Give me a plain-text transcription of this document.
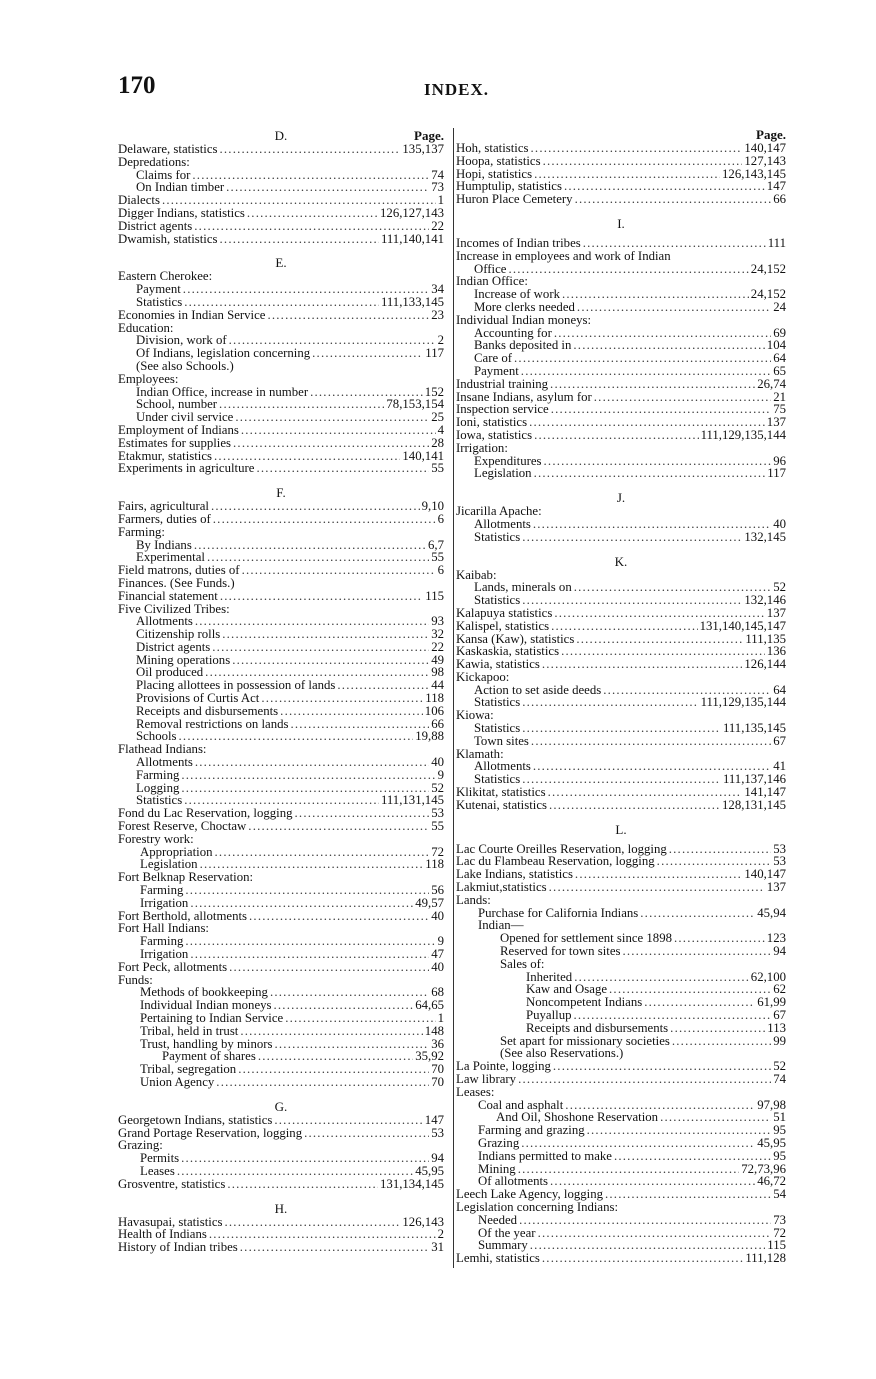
170	INDEX.
D.	Page.
Delaware, statistics . . .	135,137
Depredations:
Claims for . . .	74
On Indian timber . . .	73
Dialects . . .	1
Digger Indians, statistics . . .	126,127,143
District agents . . .	22
Dwamish, statistics . . .	111,140,141
E.
Eastern Cherokee:
Payment . . .	34
Statistics . . .	111,133,145
Economies in Indian Service . . .	23
Education:
Division, work of . . .	2
Of Indians, legislation concerning . . .	117
(See also Schools.)
Employees:
Indian Office, increase in number . . .	152
School, number . . .	78,153,154
Under civil service . . .	25
Employment of Indians . . .	4
Estimates for supplies . . .	28
Etakmur, statistics . . .	140,141
Experiments in agriculture . . .	55
F.
Fairs, agricultural . . .	9,10
Farmers, duties of . . .	6
Farming:
By Indians . . .	6,7
Experimental . . .	55
Field matrons, duties of . . .	6
Finances. (See Funds.)
Financial statement . . .	115
Five Civilized Tribes:
Allotments . . .	93
Citizenship rolls . . .	32
District agents . . .	22
Mining operations . . .	49
Oil produced . . .	98
Placing allottees in possession of lands . . .	44
Provisions of Curtis Act . . .	118
Receipts and disbursements . . .	106
Removal restrictions on lands . . .	66
Schools . . .	19,88
Flathead Indians:
Allotments . . .	40
Farming . . .	9
Logging . . .	52
Statistics . . .	111,131,145
Fond du Lac Reservation, logging . . .	53
Forest Reserve, Choctaw . . .	55
Forestry work:
Appropriation . . .	72
Legislation . . .	118
Fort Belknap Reservation:
Farming . . .	56
Irrigation . . .	49,57
Fort Berthold, allotments . . .	40
Fort Hall Indians:
Farming . . .	9
Irrigation . . .	47
Fort Peck, allotments . . .	40
Funds:
Methods of bookkeeping . . .	68
Individual Indian moneys . . .	64,65
Pertaining to Indian Service . . .	1
Tribal, held in trust . . .	148
Trust, handling by minors . . .	36
Payment of shares . . .	35,92
Tribal, segregation . . .	70
Union Agency . . .	70
G.
Georgetown Indians, statistics . . .	147
Grand Portage Reservation, logging . . .	53
Grazing:
Permits . . .	94
Leases . . .	45,95
Grosventre, statistics . . .	131,134,145
H.
Havasupai, statistics . . .	126,143
Health of Indians . . .	2
History of Indian tribes . . .	31
Page.
Hoh, statistics . . .	140,147
Hoopa, statistics . . .	127,143
Hopi, statistics . . .	126,143,145
Humptulip, statistics . . .	147
Huron Place Cemetery . . .	66
I.
Incomes of Indian tribes . . .	111
Increase in employees and work of Indian
Office . . .	24,152
Indian Office:
Increase of work . . .	24,152
More clerks needed . . .	24
Individual Indian moneys:
Accounting for . . .	69
Banks deposited in . . .	104
Care of . . .	64
Payment . . .	65
Industrial training . . .	26,74
Insane Indians, asylum for . . .	21
Inspection service . . .	75
Ioni, statistics . . .	137
Iowa, statistics . . .	111,129,135,144
Irrigation:
Expenditures . . .	96
Legislation . . .	117
J.
Jicarilla Apache:
Allotments . . .	40
Statistics . . .	132,145
K.
Kaibab:
Lands, minerals on . . .	52
Statistics . . .	132,146
Kalapuya statistics . . .	137
Kalispel, statistics . . .	131,140,145,147
Kansa (Kaw), statistics . . .	111,135
Kaskaskia, statistics . . .	136
Kawia, statistics . . .	126,144
Kickapoo:
Action to set aside deeds . . .	64
Statistics . . .	111,129,135,144
Kiowa:
Statistics . . .	111,135,145
Town sites . . .	67
Klamath:
Allotments . . .	41
Statistics . . .	111,137,146
Klikitat, statistics . . .	141,147
Kutenai, statistics . . .	128,131,145
L.
Lac Courte Oreilles Reservation, logging . . .	53
Lac du Flambeau Reservation, logging . . .	53
Lake Indians, statistics . . .	140,147
Lakmiut,statistics . . .	137
Lands:
Purchase for California Indians . . .	45,94
Indian—
Opened for settlement since 1898 . . .	123
Reserved for town sites . . .	94
Sales of:
Inherited . . .	62,100
Kaw and Osage . . .	62
Noncompetent Indians . . .	61,99
Puyallup . . .	67
Receipts and disbursements . . .	113
Set apart for missionary societies . . .	99
(See also Reservations.)
La Pointe, logging . . .	52
Law library . . .	74
Leases:
Coal and asphalt . . .	97,98
And Oil, Shoshone Reservation . . .	51
Farming and grazing . . .	95
Grazing . . .	45,95
Indians permitted to make . . .	95
Mining . . .	72,73,96
Of allotments . . .	46,72
Leech Lake Agency, logging . . .	54
Legislation concerning Indians:
Needed . . .	73
Of the year . . .	72
Summary . . .	115
Lemhi, statistics . . .	111,128
